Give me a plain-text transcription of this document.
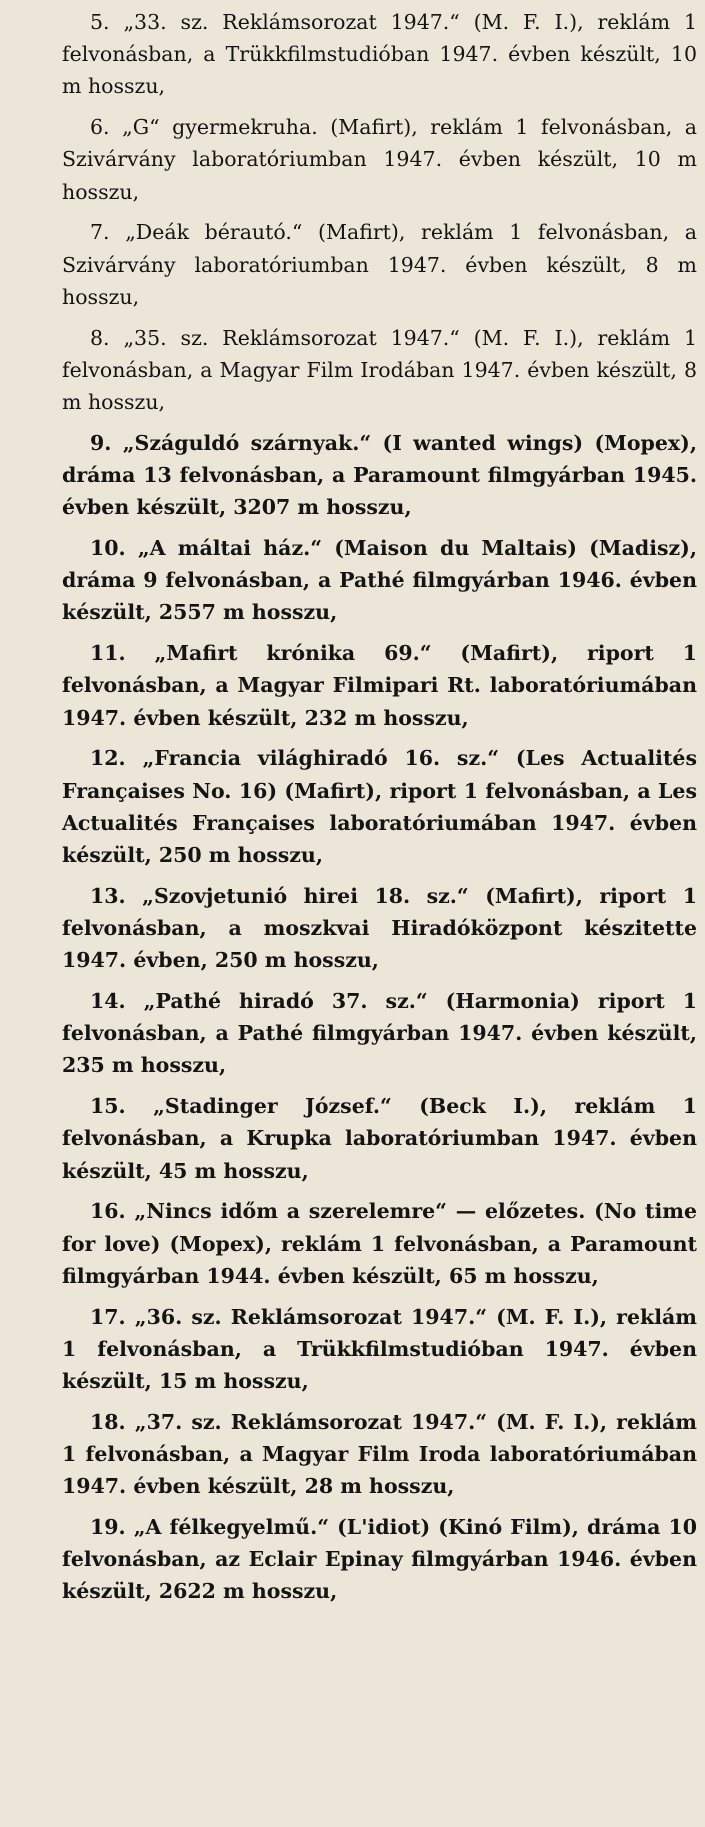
5. „33. sz. Reklámsorozat 1947.“ (M. F. I.), reklám 1 felvonásban, a Trükkfilmstudióban 1947. évben készült, 10 m hosszu,

6. „G“ gyermekruha. (Mafirt), reklám 1 felvonásban, a Szivárvány laboratóriumban 1947. évben készült, 10 m hosszu,

7. „Deák bérautó.“ (Mafirt), reklám 1 felvonásban, a Szivárvány laboratóriumban 1947. évben készült, 8 m hosszu,

8. „35. sz. Reklámsorozat 1947.“ (M. F. I.), reklám 1 felvonásban, a Magyar Film Irodában 1947. évben készült, 8 m hosszu,

9. „Száguldó szárnyak.“ (I wanted wings) (Mopex), dráma 13 felvonásban, a Paramount filmgyárban 1945. évben készült, 3207 m hosszu,

10. „A máltai ház.“ (Maison du Maltais) (Madisz), dráma 9 felvonásban, a Pathé filmgyárban 1946. évben készült, 2557 m hosszu,

11. „Mafirt krónika 69.“ (Mafirt), riport 1 felvonásban, a Magyar Filmipari Rt. laboratóriumában 1947. évben készült, 232 m hosszu,

12. „Francia világhiradó 16. sz.“ (Les Actualités Françaises No. 16) (Mafirt), riport 1 felvonásban, a Les Actualités Françaises laboratóriumában 1947. évben készült, 250 m hosszu,

13. „Szovjetunió hirei 18. sz.“ (Mafirt), riport 1 felvonásban, a moszkvai Hiradóközpont készitette 1947. évben, 250 m hosszu,

14. „Pathé hiradó 37. sz.“ (Harmonia) riport 1 felvonásban, a Pathé filmgyárban 1947. évben készült, 235 m hosszu,

15. „Stadinger József.“ (Beck I.), reklám 1 felvonásban, a Krupka laboratóriumban 1947. évben készült, 45 m hosszu,

16. „Nincs időm a szerelemre“ — előzetes. (No time for love) (Mopex), reklám 1 felvonásban, a Paramount filmgyárban 1944. évben készült, 65 m hosszu,

17. „36. sz. Reklámsorozat 1947.“ (M. F. I.), reklám 1 felvonásban, a Trükkfilmstudióban 1947. évben készült, 15 m hosszu,

18. „37. sz. Reklámsorozat 1947.“ (M. F. I.), reklám 1 felvonásban, a Magyar Film Iroda laboratóriumában 1947. évben készült, 28 m hosszu,

19. „A félkegyelmű.“ (L'idiot) (Kinó Film), dráma 10 felvonásban, az Eclair Epinay filmgyárban 1946. évben készült, 2622 m hosszu,
